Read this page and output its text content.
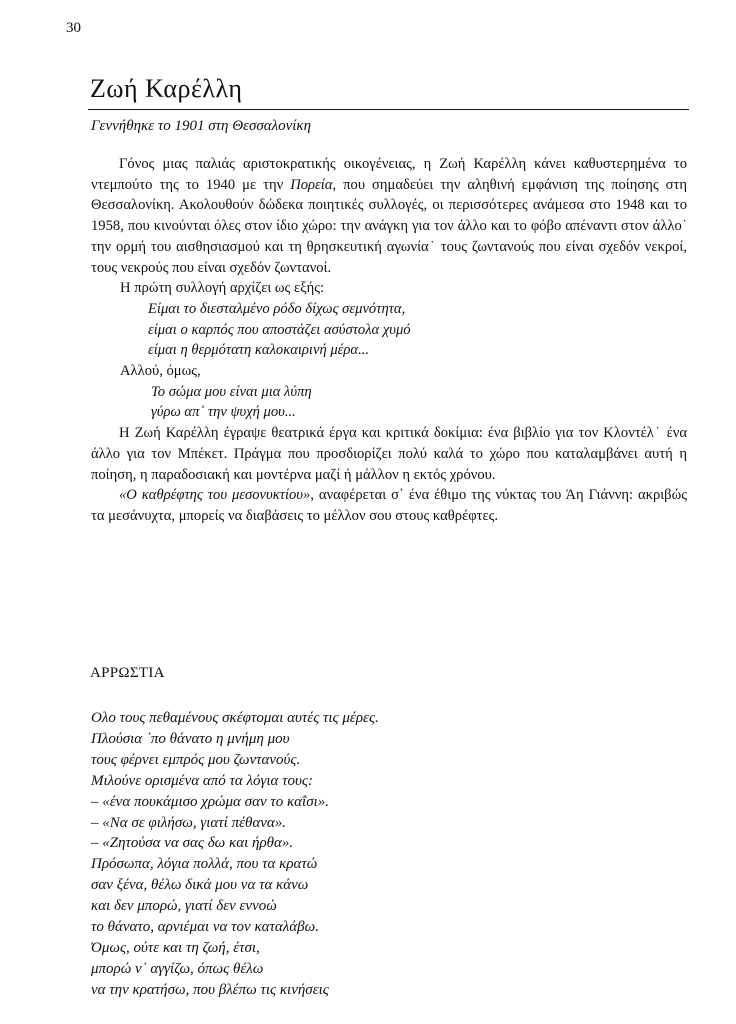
30
Ζωή Καρέλλη
Γεννήθηκε το 1901 στη Θεσσαλονίκη

Γόνος μιας παλιάς αριστοκρατικής οικογένειας, η Ζωή Καρέλλη κάνει καθυστερημένα το ντεμπούτο της το 1940 με την Πορεία, που σημαδεύει την αληθινή εμφάνιση της ποίησης στη Θεσσαλονίκη. Ακολουθούν δώδεκα ποιητικές συλλογές, οι περισσότερες ανάμεσα στο 1948 και το 1958, που κινούνται όλες στον ίδιο χώρο: την ανάγκη για τον άλλο και το φόβο απέναντι στον άλλο˙ την ορμή του αισθησιασμού και τη θρησκευτική αγωνία˙ τους ζωντανούς που είναι σχεδόν νεκροί, τους νεκρούς που είναι σχεδόν ζωντανοί.

Η πρώτη συλλογή αρχίζει ως εξής:

Είμαι το διεσταλμένο ρόδο δίχως σεμνότητα,

είμαι ο καρπός που αποστάζει ασύστολα χυμό

είμαι η θερμότατη καλοκαιρινή μέρα...

Αλλού, όμως,

Το σώμα μου είναι μια λύπη

γύρω απ᾽ την ψυχή μου...

Η Ζωή Καρέλλη έγραψε θεατρικά έργα και κριτικά δοκίμια: ένα βιβλίο για τον Κλοντέλ˙ ένα άλλο για τον Μπέκετ. Πράγμα που προσδιορίζει πολύ καλά το χώρο που καταλαμβάνει αυτή η ποίηση, η παραδοσιακή και μοντέρνα μαζί ή μάλλον η εκτός χρόνου.

«Ο καθρέφτης του μεσονυκτίου», αναφέρεται σ᾽ ένα έθιμο της νύκτας του Άη Γιάννη: ακριβώς τα μεσάνυχτα, μπορείς να διαβάσεις το μέλλον σου στους καθρέφτες.

ΑΡΡΩΣΤΙΑ
Ολο τους πεθαμένους σκέφτομαι αυτές τις μέρες.
Πλούσια ᾽πο θάνατο η μνήμη μου
τους φέρνει εμπρός μου ζωντανούς.
Μιλούνε ορισμένα από τα λόγια τους:
– «ένα πουκάμισο χρώμα σαν το καΐσι».
– «Να σε φιλήσω, γιατί πέθανα».
– «Ζητούσα να σας δω και ήρθα».
Πρόσωπα, λόγια πολλά, που τα κρατώ
σαν ξένα, θέλω δικά μου να τα κάνω
και δεν μπορώ, γιατί δεν εννοώ
το θάνατο, αρνιέμαι να τον καταλάβω.
Όμως, ούτε και τη ζωή, έτσι,
μπορώ ν᾽ αγγίζω, όπως θέλω
να την κρατήσω, που βλέπω τις κινήσεις
